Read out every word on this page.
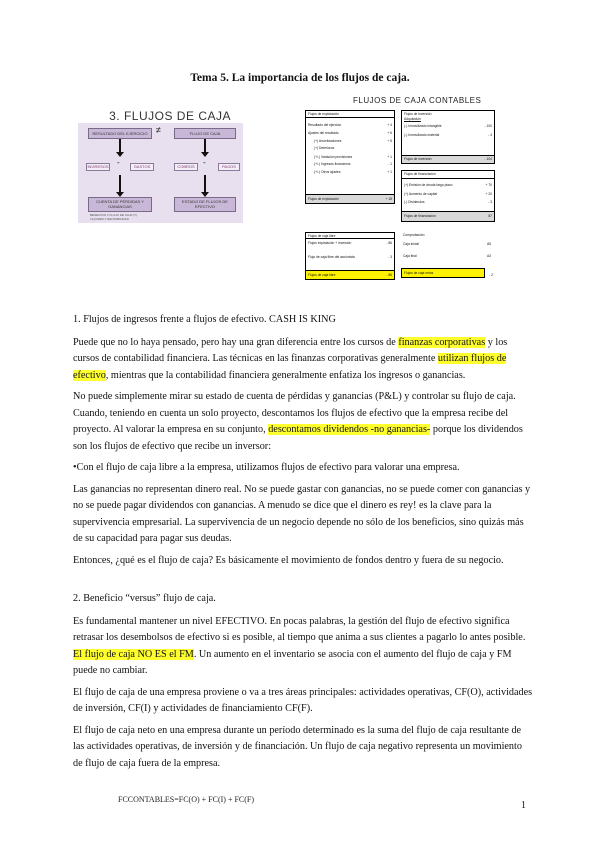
Tema 5. La importancia de los flujos de caja.
3. FLUJOS DE CAJA
RESULTADO DEL EJERCICIO ≠	FLUJO DE CAJA
INGRESOS -	GASTOS	COBROS	-	PAGOS
CUENTA DE PÉRDIDAS Y GANANCIAS
ESTADO DE FLUJOS DE EFECTIVO
BENEFICIO ≠ FLUJO DE CAJA (T)
LIQUIDEZ ≠ RENTABILIDAD
FLUJOS DE CAJA CONTABLES
Flujos de explotación
Resultado del ejercicio	+ 4
Ajustes del resultado	+ 6
(+) Amortizaciones	+ 5
(+) Deterioros
(+/-) Variación provisiones	+ 1
(+/-) Ingresos financieros	- 1
(+/-) Otros ajustes	+ 1
Flujos de explotación	+ 18
Flujos de inversión
Adquisición
(-) Inmovilizado intangible	- 100
(-) Inmovilizado material	- 4
Flujos de inversión	- 104
Flujos de financiación
(+) Emisión de deuda largo plazo	+ 70
(+) Aumento de capital	+ 20
(-) Dividendos	- 3
Flujos de financiación	87
Flujos de caja libre
Flujos explotación + inversión	- 86
Flujo de caja libre del accionista	- 3
Flujos de caja libre	- 86
Comprobación
Caja inicial	A5
Caja final	A3
Flujos de caja netos	- 2

1. Flujos de ingresos frente a flujos de efectivo. CASH IS KING

Puede que no lo haya pensado, pero hay una gran diferencia entre los cursos de finanzas corporativas y los cursos de contabilidad financiera. Las técnicas en las finanzas corporativas generalmente utilizan flujos de efectivo, mientras que la contabilidad financiera generalmente enfatiza los ingresos o ganancias.

No puede simplemente mirar su estado de cuenta de pérdidas y ganancias (P&L) y controlar su flujo de caja. Cuando, teniendo en cuenta un solo proyecto, descontamos los flujos de efectivo que la empresa recibe del proyecto. Al valorar la empresa en su conjunto, descontamos dividendos -no ganancias- porque los dividendos son los flujos de efectivo que recibe un inversor:

•Con el flujo de caja libre a la empresa, utilizamos flujos de efectivo para valorar una empresa.

Las ganancias no representan dinero real. No se puede gastar con ganancias, no se puede comer con ganancias y no se puede pagar dividendos con ganancias. A menudo se dice que el dinero es rey! es la clave para la supervivencia empresarial. La supervivencia de un negocio depende no sólo de los beneficios, sino quizás más de su capacidad para pagar sus deudas.

Entonces, ¿qué es el flujo de caja? Es básicamente el movimiento de fondos dentro y fuera de su negocio.

2. Beneficio “versus” flujo de caja.

Es fundamental mantener un nivel EFECTIVO. En pocas palabras, la gestión del flujo de efectivo significa retrasar los desembolsos de efectivo si es posible, al tiempo que anima a sus clientes a pagarlo lo antes posible. El flujo de caja NO ES el FM. Un aumento en el inventario se asocia con el aumento del flujo de caja y FM puede no cambiar.

El flujo de caja de una empresa proviene o va a tres áreas principales: actividades operativas, CF(O), actividades de inversión, CF(I) y actividades de financiamiento CF(F).

El flujo de caja neto en una empresa durante un período determinado es la suma del flujo de caja resultante de las actividades operativas, de inversión y de financiación. Un flujo de caja negativo representa un movimiento de flujo de caja fuera de la empresa.

FCCONTABLES=FC(O) + FC(I) + FC(F)
1
